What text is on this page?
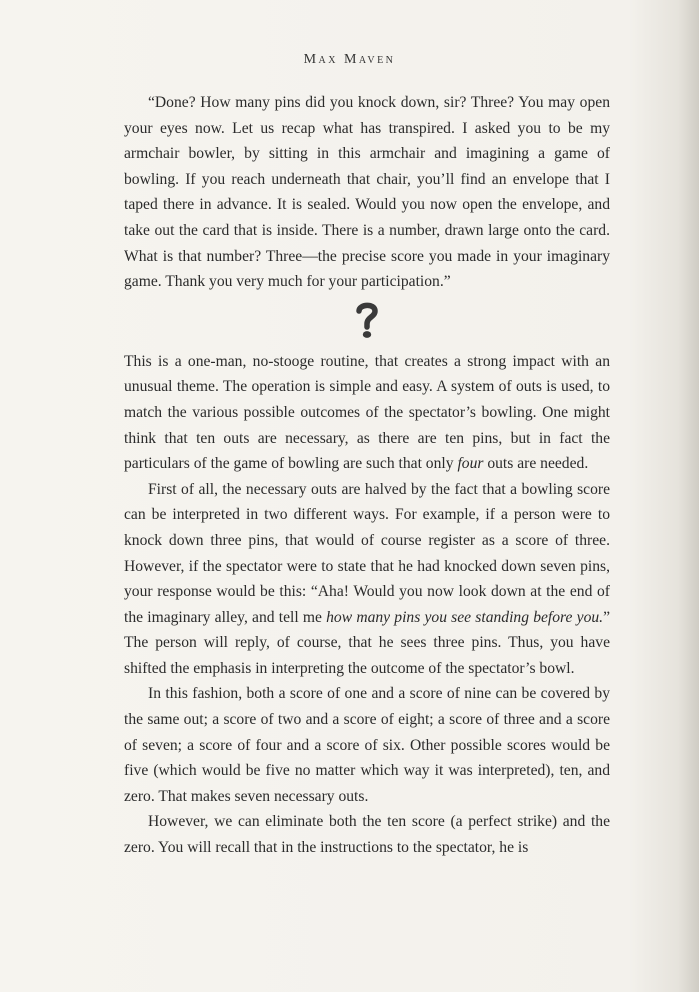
Max Maven

“Done? How many pins did you knock down, sir? Three? You may open your eyes now. Let us recap what has transpired. I asked you to be my armchair bowler, by sitting in this armchair and imagining a game of bowling. If you reach underneath that chair, you’ll find an envelope that I taped there in advance. It is sealed. Would you now open the envelope, and take out the card that is inside. There is a number, drawn large onto the card. What is that number? Three—the precise score you made in your imaginary game. Thank you very much for your participation.”

This is a one-man, no-stooge routine, that creates a strong impact with an unusual theme. The operation is simple and easy. A system of outs is used, to match the various possible outcomes of the spectator’s bowling. One might think that ten outs are necessary, as there are ten pins, but in fact the particulars of the game of bowling are such that only four outs are needed.

First of all, the necessary outs are halved by the fact that a bowling score can be interpreted in two different ways. For example, if a person were to knock down three pins, that would of course register as a score of three. However, if the spectator were to state that he had knocked down seven pins, your response would be this: “Aha! Would you now look down at the end of the imaginary alley, and tell me how many pins you see standing before you.” The person will reply, of course, that he sees three pins. Thus, you have shifted the emphasis in interpreting the outcome of the spectator’s bowl.

In this fashion, both a score of one and a score of nine can be covered by the same out; a score of two and a score of eight; a score of three and a score of seven; a score of four and a score of six. Other possible scores would be five (which would be five no matter which way it was interpreted), ten, and zero. That makes seven necessary outs.

However, we can eliminate both the ten score (a perfect strike) and the zero. You will recall that in the instructions to the spectator, he is
